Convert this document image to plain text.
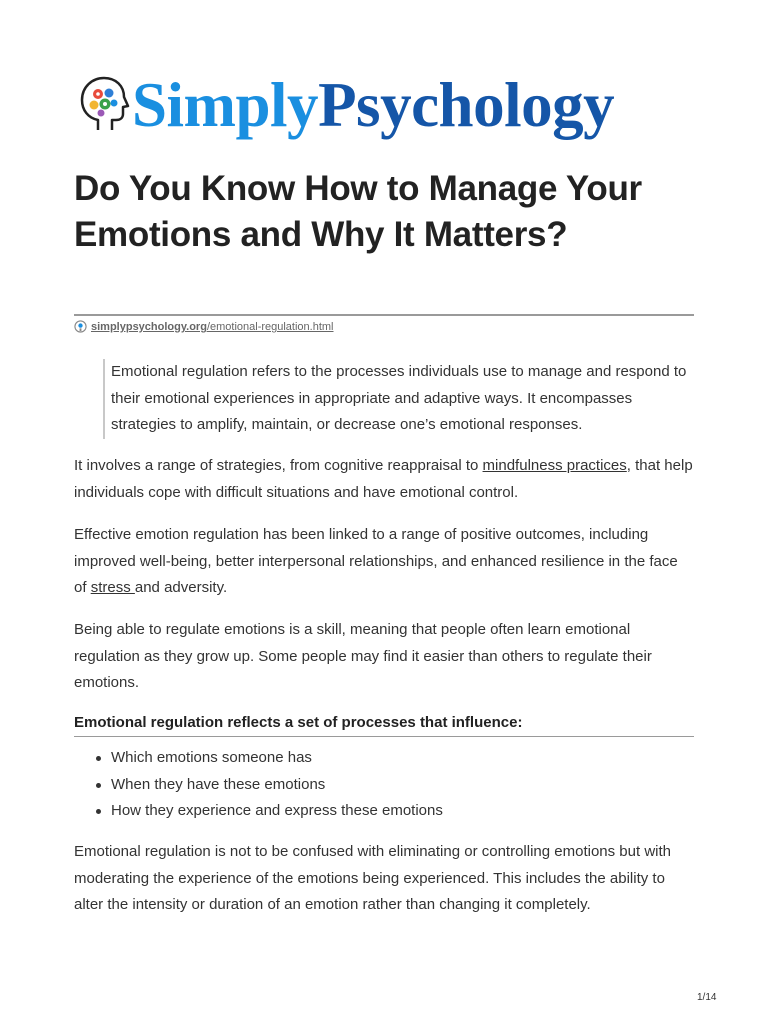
SimplyPsychology
Do You Know How to Manage Your Emotions and Why It Matters?
simplypsychology.org/emotional-regulation.html
Emotional regulation refers to the processes individuals use to manage and respond to their emotional experiences in appropriate and adaptive ways. It encompasses strategies to amplify, maintain, or decrease one’s emotional responses.

It involves a range of strategies, from cognitive reappraisal to mindfulness practices, that help individuals cope with difficult situations and have emotional control.

Effective emotion regulation has been linked to a range of positive outcomes, including improved well-being, better interpersonal relationships, and enhanced resilience in the face of stress and adversity.

Being able to regulate emotions is a skill, meaning that people often learn emotional regulation as they grow up. Some people may find it easier than others to regulate their emotions.

Emotional regulation reflects a set of processes that influence:
Which emotions someone has
When they have these emotions
How they experience and express these emotions

Emotional regulation is not to be confused with eliminating or controlling emotions but with moderating the experience of the emotions being experienced. This includes the ability to alter the intensity or duration of an emotion rather than changing it completely.

1/14
